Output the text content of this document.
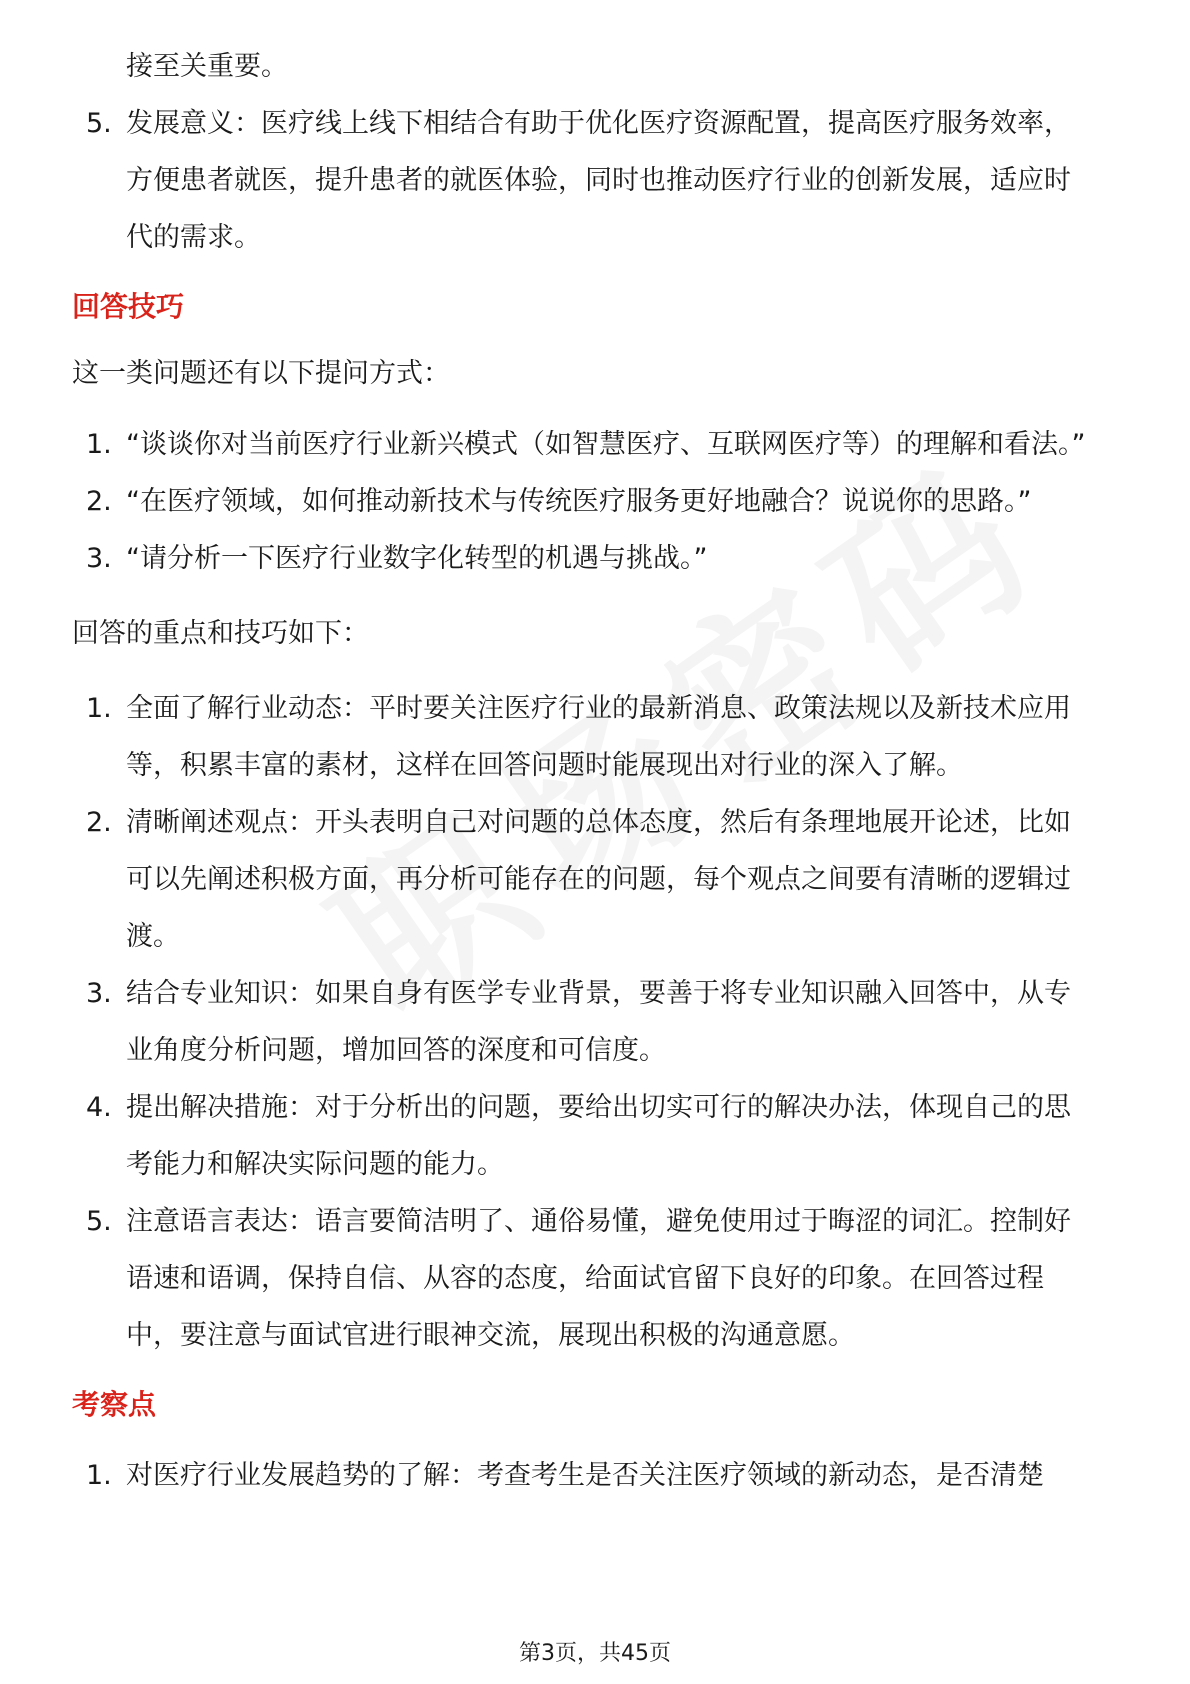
接至关重要。

5. 发展意义：医疗线上线下相结合有助于优化医疗资源配置，提高医疗服务效率，方便患者就医，提升患者的就医体验，同时也推动医疗行业的创新发展，适应时代的需求。

回答技巧

这一类问题还有以下提问方式：

1. “谈谈你对当前医疗行业新兴模式（如智慧医疗、互联网医疗等）的理解和看法。”

2. “在医疗领域，如何推动新技术与传统医疗服务更好地融合？说说你的思路。”

3. “请分析一下医疗行业数字化转型的机遇与挑战。”

回答的重点和技巧如下：

1. 全面了解行业动态：平时要关注医疗行业的最新消息、政策法规以及新技术应用等，积累丰富的素材，这样在回答问题时能展现出对行业的深入了解。

2. 清晰阐述观点：开头表明自己对问题的总体态度，然后有条理地展开论述，比如可以先阐述积极方面，再分析可能存在的问题，每个观点之间要有清晰的逻辑过渡。

3. 结合专业知识：如果自身有医学专业背景，要善于将专业知识融入回答中，从专业角度分析问题，增加回答的深度和可信度。

4. 提出解决措施：对于分析出的问题，要给出切实可行的解决办法，体现自己的思考能力和解决实际问题的能力。

5. 注意语言表达：语言要简洁明了、通俗易懂，避免使用过于晦涩的词汇。控制好语速和语调，保持自信、从容的态度，给面试官留下良好的印象。在回答过程中，要注意与面试官进行眼神交流，展现出积极的沟通意愿。

考察点

1. 对医疗行业发展趋势的了解：考查考生是否关注医疗领域的新动态，是否清楚

第3页，共45页
